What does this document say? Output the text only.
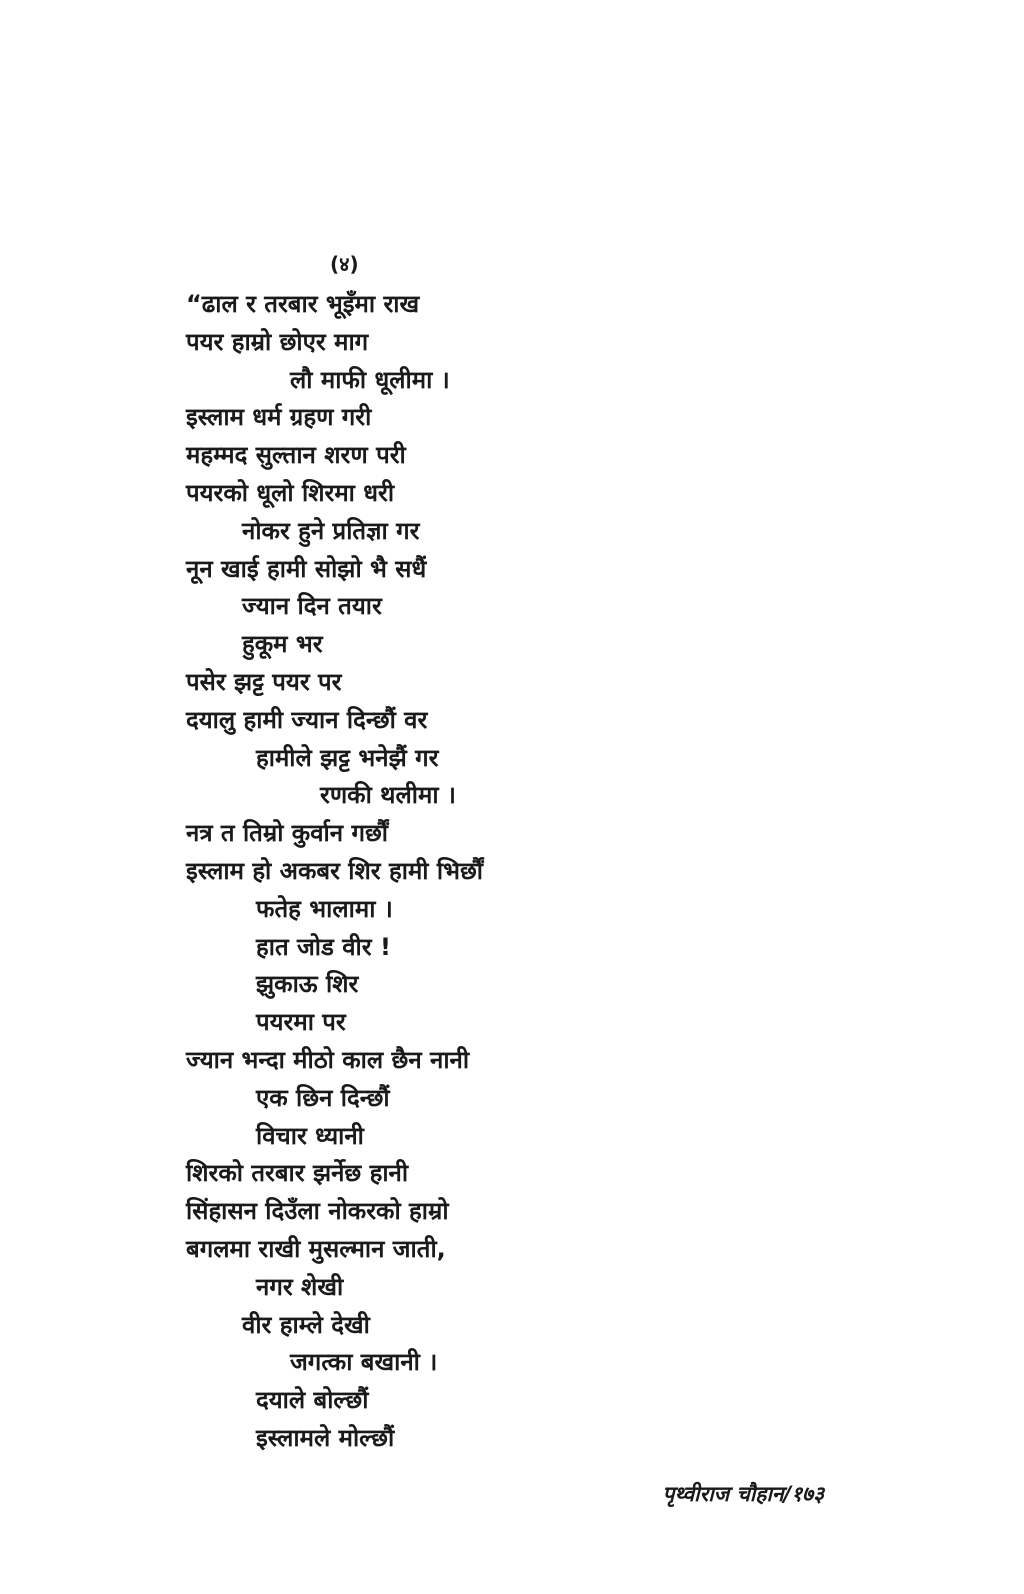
(४)
“ढाल र तरबार भूइँमा राख
पयर हाम्रो छोएर माग
लौ माफी धूलीमा ।
इस्लाम धर्म ग्रहण गरी
महम्मद सुल्तान शरण परी
पयरको धूलो शिरमा धरी
नोकर हुने प्रतिज्ञा गर
नून खाई हामी सोझो भै सधैं
ज्यान दिन तयार
हुकूम भर
पसेर झट्ट पयर पर
दयालु हामी ज्यान दिन्छौं वर
हामीले झट्ट भनेझैं गर
रणकी थलीमा ।
नत्र त तिम्रो कुर्वान गर्छौं
इस्लाम हो अकबर शिर हामी भिर्छौं
फतेह भालामा ।
हात जोड वीर !
झुकाऊ शिर
पयरमा पर
ज्यान भन्दा मीठो काल छैन नानी
एक छिन दिन्छौं
विचार ध्यानी
शिरको तरबार झर्नेछ हानी
सिंहासन दिउँला नोकरको हाम्रो
बगलमा राखी मुसल्मान जाती,
नगर शेखी
वीर हाम्ले देखी
जगत्का बखानी ।
दयाले बोल्छौं
इस्लामले मोल्छौं
पृथ्वीराज चौहान/१७३
